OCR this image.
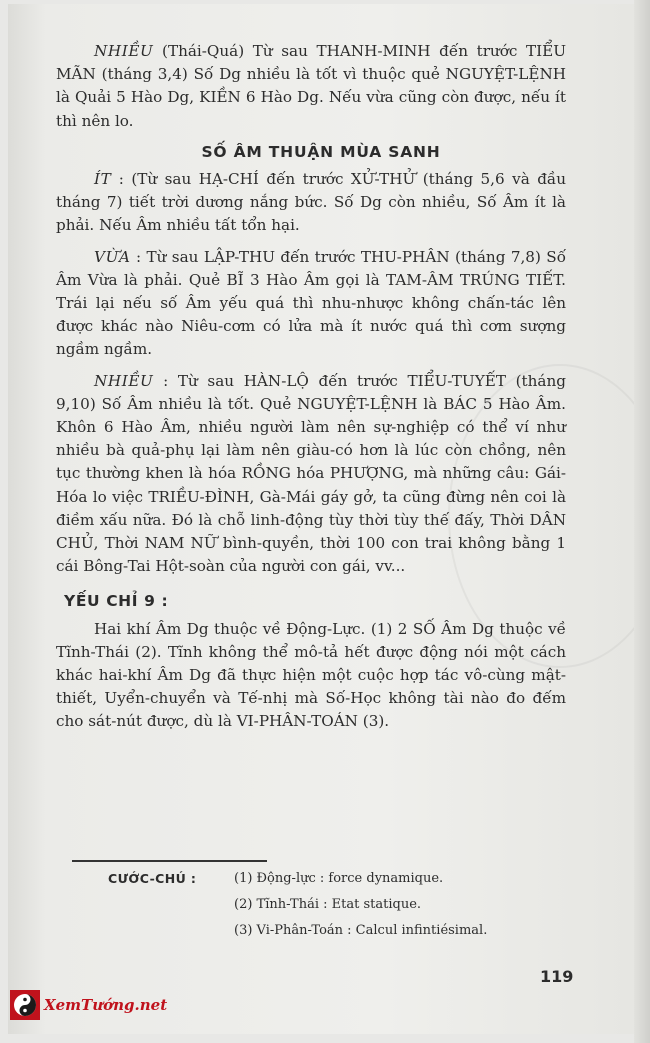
NHIỀU (Thái-Quá) Từ sau THANH-MINH đến trước TIỂU MÃN (tháng 3,4) Số Dg nhiều là tốt vì thuộc quẻ NGUYỆT-LỆNH là Quải 5 Hào Dg, KIỀN 6 Hào Dg. Nếu vừa cũng còn được, nếu ít thì nên lo.

SỐ ÂM THUẬN MÙA SANH

ÍT : (Từ sau HẠ-CHÍ đến trước XỬ-THỬ (tháng 5,6 và đầu tháng 7) tiết trời dương nắng bức. Số Dg còn nhiều, Số Âm ít là phải. Nếu Âm nhiều tất tổn hại.

VỪA : Từ sau LẬP-THU đến trước THU-PHÂN (tháng 7,8) Số Âm Vừa là phải. Quẻ BĨ 3 Hào Âm gọi là TAM-ÂM TRÚNG TIẾT. Trái lại nếu số Âm yếu quá thì nhu-nhược không chấn-tác lên được khác nào Niêu-cơm có lửa mà ít nước quá thì cơm sượng ngầm ngầm.

NHIỀU : Từ sau HÀN-LỘ đến trước TIỂU-TUYẾT (tháng 9,10) Số Âm nhiều là tốt. Quẻ NGUYỆT-LỆNH là BÁC 5 Hào Âm. Khôn 6 Hào Âm, nhiều người làm nên sự-nghiệp có thể ví như nhiều bà quả-phụ lại làm nên giàu-có hơn là lúc còn chồng, nên tục thường khen là hóa RỒNG hóa PHƯỢNG, mà những câu: Gái-Hóa lo việc TRIỀU-ĐÌNH, Gà-Mái gáy gở, ta cũng đừng nên coi là điềm xấu nữa. Đó là chỗ linh-động tùy thời tùy thế đấy, Thời DÂN CHỦ, Thời NAM NỮ bình-quyền, thời 100 con trai không bằng 1 cái Bông-Tai Hột-soàn của người con gái, vv...

YẾU CHỈ 9 :

Hai khí Âm Dg thuộc về Động-Lực. (1) 2 SỐ Âm Dg thuộc về Tĩnh-Thái (2). Tĩnh không thể mô-tả hết được động nói một cách khác hai-khí Âm Dg đã thực hiện một cuộc hợp tác vô-cùng mật-thiết, Uyển-chuyển và Tế-nhị mà Số-Học không tài nào đo đếm cho sát-nút được, dù là VI-PHÂN-TOÁN (3).

CƯỚC-CHÚ :	(1) Động-lực : force dynamique.
(2) Tĩnh-Thái : Etat statique.
(3) Vi-Phân-Toán : Calcul infintiésimal.
119
XemTướng.net
